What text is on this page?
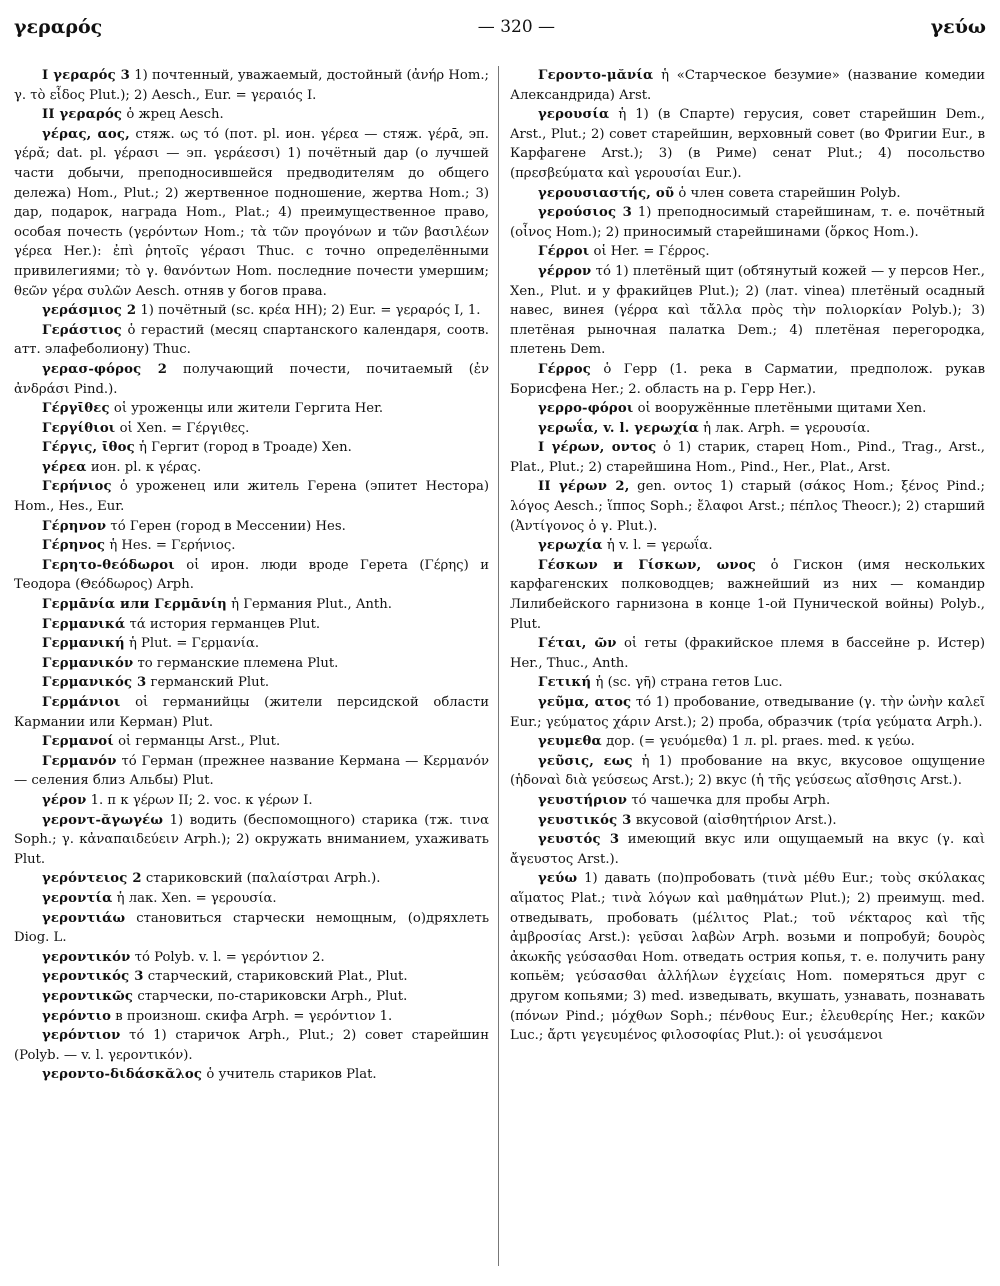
γεραρός	— 320 —	γεύω

I γεραρός 3 1) почтенный, уважаемый, достойный (ἀνήρ Hom.; γ. τὸ εἶδος Plut.); 2) Aesch., Eur. = γεραιός I.

II γεραρός ὁ жрец Aesch.

γέρας, αος, стяж. ως τό (пот. pl. ион. γέρεα — стяж. γέρᾱ, эп. γέρᾰ; dat. pl. γέρασι — эп. γεράεσσι) 1) почётный дар (о лучшей части добычи, преподносившейся предводителям до общего дележа) Hom., Plut.; 2) жертвенное подношение, жертва Hom.; 3) дар, подарок, награда Hom., Plat.; 4) преимущественное право, особая почесть (γερόντων Hom.; τὰ τῶν προγόνων и τῶν βασιλέων γέρεα Her.): ἐπὶ ῥητοῖς γέρασι Thuc. с точно определёнными привилегиями; τὸ γ. θανόντων Hom. последние почести умершим; θεῶν γέρα συλῶν Aesch. отняв у богов права.

γεράσμιος 2 1) почётный (sc. κρέα HH); 2) Eur. = γεραρός I, 1.

Γεράστιος ὁ герастий (месяц спартанского календаря, соотв. атт. элафеболиону) Thuc.

γερασ-φόρος 2 получающий почести, почитаемый (ἐν ἀνδράσι Pind.).

Γέργῑθες οἱ уроженцы или жители Гергита Her.

Γεργίθιοι οἱ Xen. = Γέργιθες.

Γέργις, ῑθος ἡ Гергит (город в Троаде) Xen.

γέρεα ион. pl. к γέρας.

Γερήνιος ὁ уроженец или житель Герена (эпитет Нестора) Hom., Hes., Eur.

Γέρηνον τό Герен (город в Мессении) Hes.

Γέρηνος ἡ Hes. = Γερήνιος.

Γερητο-θεόδωροι οἱ ирон. люди вроде Герета (Γέρης) и Теодора (Θεόδωρος) Arph.

Γερμᾱνία или Γερμᾱνίη ἡ Германия Plut., Anth.

Γερμανικά τά история германцев Plut.

Γερμανική ἡ Plut. = Γερμανία.

Γερμανικόν то германские племена Plut.

Γερμανικός 3 германский Plut.

Γερμάνιοι οἱ германийцы (жители персидской области Кармании или Керман) Plut.

Γερμανοί οἱ германцы Arst., Plut.

Γερμανόν τό Герман (прежнее название Кермана — Κερμανόν — селения близ Альбы) Plut.

γέρον 1. п к γέρων II; 2. voc. к γέρων I.

γεροντ-ᾰγωγέω 1) водить (беспомощного) старика (тж. τινα Soph.; γ. κἀναπαιδεύειν Arph.); 2) окружать вниманием, ухаживать Plut.

γερόντειος 2 стариковский (παλαίστραι Arph.).

γεροντία ἡ лак. Xen. = γερουσία.

γεροντιάω становиться старчески немощным, (о)дряхлеть Diog. L.

γεροντικόν τό Polyb. v. l. = γερόντιον 2.

γεροντικός 3 старческий, стариковский Plat., Plut.

γεροντικῶς старчески, по-стариковски Arph., Plut.

γερόντιο в произнош. скифа Arph. = γερόντιον 1.

γερόντιον τό 1) старичок Arph., Plut.; 2) совет старейшин (Polyb. — v. l. γεροντικόν).

γεροντο-διδάσκᾰλος ὁ учитель стариков Plat.

Γεροντο-μᾰνία ἡ «Старческое безумие» (название комедии Александрида) Arst.

γερουσία ἡ 1) (в Спарте) герусия, совет старейшин Dem., Arst., Plut.; 2) совет старейшин, верховный совет (во Фригии Eur., в Карфагене Arst.); 3) (в Риме) сенат Plut.; 4) посольство (πρεσβεύματα καὶ γερουσίαι Eur.).

γερουσιαστής, οῦ ὁ член совета старейшин Polyb.

γερούσιος 3 1) преподносимый старейшинам, т. е. почётный (οἶνος Hom.); 2) приносимый старейшинами (ὅρκος Hom.).

Γέρροι οἱ Her. = Γέρρος.

γέρρον τό 1) плетёный щит (обтянутый кожей — у персов Her., Xen., Plut. и у фракийцев Plut.); 2) (лат. vinea) плетёный осадный навес, винея (γέρρα καὶ τἄλλα πρὸς τὴν πολιορκίαν Polyb.); 3) плетёная рыночная палатка Dem.; 4) плетёная перегородка, плетень Dem.

Γέρρος ὁ Герр (1. река в Сарматии, предполож. рукав Борисфена Her.; 2. область на р. Герр Her.).

γερρο-φόροι οἱ вооружённые плетёными щитами Xen.

γερωΐα, v. l. γερωχία ἡ лак. Arph. = γερουσία.

I γέρων, οντος ὁ 1) старик, старец Hom., Pind., Trag., Arst., Plat., Plut.; 2) старейшина Hom., Pind., Her., Plat., Arst.

II γέρων 2, gen. οντος 1) старый (σάκος Hom.; ξένος Pind.; λόγος Aesch.; ἵππος Soph.; ἔλαφοι Arst.; πέπλος Theocr.); 2) старший (Ἀντίγονος ὁ γ. Plut.).

γερωχία ἡ v. l. = γερωΐα.

Γέσκων и Γίσκων, ωνος ὁ Гискон (имя нескольких карфагенских полководцев; важнейший из них — командир Лилибейского гарнизона в конце 1-ой Пунической войны) Polyb., Plut.

Γέται, ῶν οἱ геты (фракийское племя в бассейне р. Истер) Her., Thuc., Anth.

Γετική ἡ (sc. γῆ) страна гетов Luc.

γεῦμα, ατος τό 1) пробование, отведывание (γ. τὴν ὠνὴν καλεῖ Eur.; γεύματος χάριν Arst.); 2) проба, образчик (τρία γεύματα Arph.).

γευμεθα дор. (= γευόμεθα) 1 л. pl. praes. med. к γεύω.

γεῦσις, εως ἡ 1) пробование на вкус, вкусовое ощущение (ἡδοναὶ διὰ γεύσεως Arst.); 2) вкус (ἡ τῆς γεύσεως αἴσθησις Arst.).

γευστήριον τό чашечка для пробы Arph.

γευστικός 3 вкусовой (αἰσθητήριον Arst.).

γευστός 3 имеющий вкус или ощущаемый на вкус (γ. καὶ ἄγευστος Arst.).

γεύω 1) давать (по)пробовать (τινὰ μέθυ Eur.; τοὺς σκύλακας αἵματος Plat.; τινὰ λόγων καὶ μαθημάτων Plut.); 2) преимущ. med. отведывать, пробовать (μέλιτος Plat.; τοῦ νέκταρος καὶ τῆς ἀμβροσίας Arst.): γεῦσαι λαβὼν Arph. возьми и попробуй; δουρὸς ἀκωκῆς γεύσασθαι Hom. отведать острия копья, т. е. получить рану копьём; γεύσασθαι ἀλλήλων ἐγχείαις Hom. померяться друг с другом копьями; 3) med. изведывать, вкушать, узнавать, познавать (πόνων Pind.; μόχθων Soph.; πένθους Eur.; ἐλευθερίης Her.; κακῶν Luc.; ἄρτι γεγευμένος φιλοσοφίας Plut.): οἱ γευσάμενοι
